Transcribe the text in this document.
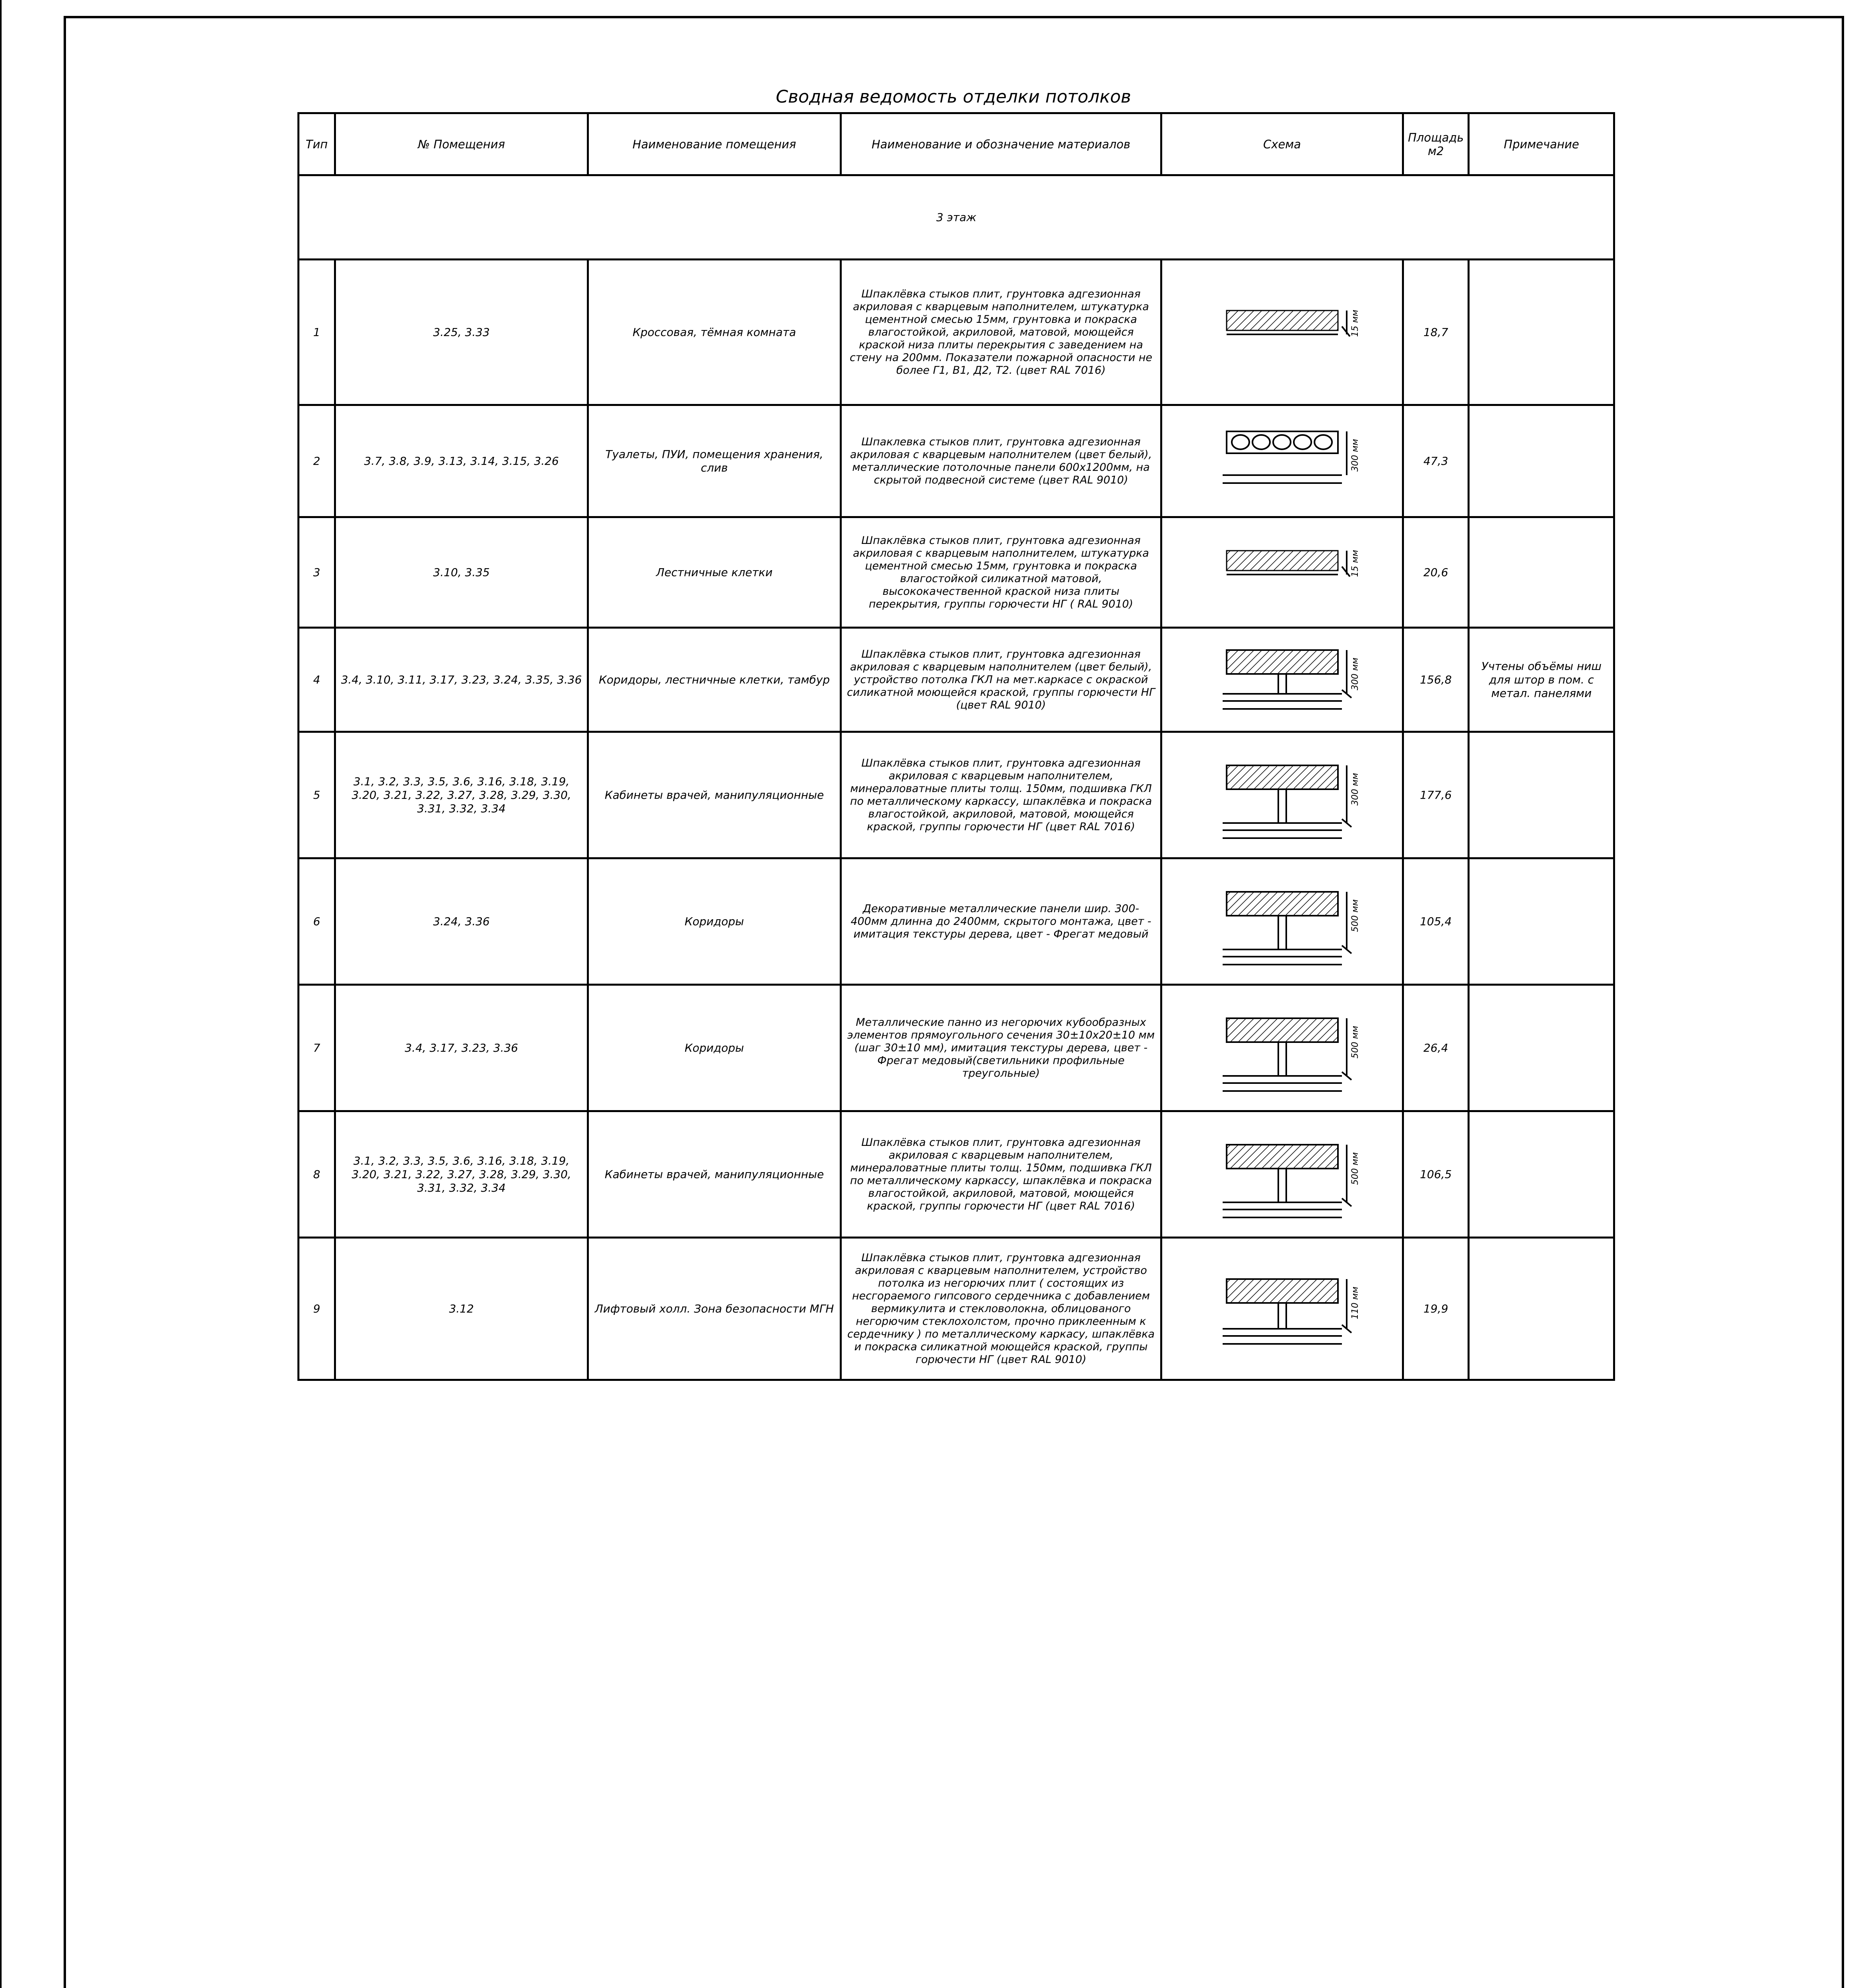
Сводная ведомость отделки потолков
Тип	№ Помещения	Наименование помещения	Наименование и обозначение материалов	Схема	Площадь м2	Примечание
3 этаж						
1	3.25, 3.33	Кроссовая, тёмная комната	Шпаклёвка стыков плит, грунтовка адгезионная акриловая с кварцевым наполнителем, штукатурка цементной смесью 15мм, грунтовка и покраска влагостойкой, акриловой, матовой, моющейся краской низа плиты перекрытия с заведением на стену на 200мм. Показатели пожарной опасности не более Г1, В1, Д2, Т2. (цвет RAL 7016)	15 мм	18,7	
2	3.7, 3.8, 3.9, 3.13, 3.14, 3.15, 3.26	Туалеты, ПУИ, помещения хранения, слив	Шпаклевка стыков плит, грунтовка адгезионная акриловая с кварцевым наполнителем (цвет белый), металлические потолочные панели 600х1200мм, на скрытой подвесной системе (цвет RAL 9010)	300 мм	47,3	
3	3.10, 3.35	Лестничные клетки	Шпаклёвка стыков плит, грунтовка адгезионная акриловая с кварцевым наполнителем, штукатурка цементной смесью 15мм, грунтовка и покраска влагостойкой силикатной матовой, высококачественной краской низа плиты перекрытия, группы горючести НГ ( RAL 9010)	15 мм	20,6	
4	3.4, 3.10, 3.11, 3.17, 3.23, 3.24, 3.35, 3.36	Коридоры, лестничные клетки, тамбур	Шпаклёвка стыков плит, грунтовка адгезионная акриловая с кварцевым наполнителем (цвет белый), устройство потолка ГКЛ на мет.каркасе с окраской силикатной моющейся краской, группы горючести НГ (цвет RAL 9010)	300 мм	156,8	Учтены объёмы ниш для штор в пом. с метал. панелями
5	3.1, 3.2, 3.3, 3.5, 3.6, 3.16, 3.18, 3.19, 3.20, 3.21, 3.22, 3.27, 3.28, 3.29, 3.30, 3.31, 3.32, 3.34	Кабинеты врачей, манипуляционные	Шпаклёвка стыков плит, грунтовка адгезионная акриловая с кварцевым наполнителем, минераловатные плиты толщ. 150мм, подшивка ГКЛ по металлическому каркассу, шпаклёвка и покраска влагостойкой, акриловой, матовой, моющейся краской, группы горючести НГ (цвет RAL 7016)	300 мм	177,6	
6	3.24, 3.36	Коридоры	Декоративные металлические панели шир. 300-400мм длинна до 2400мм, скрытого монтажа, цвет - имитация текстуры дерева, цвет - Фрегат медовый	500 мм	105,4	
7	3.4, 3.17, 3.23, 3.36	Коридоры	Металлические панно из негорючих кубообразных элементов прямоугольного сечения 30±10х20±10 мм (шаг 30±10 мм), имитация текстуры дерева, цвет - Фрегат медовый(светильники профильные треугольные)	500 мм	26,4	
8	3.1, 3.2, 3.3, 3.5, 3.6, 3.16, 3.18, 3.19, 3.20, 3.21, 3.22, 3.27, 3.28, 3.29, 3.30, 3.31, 3.32, 3.34	Кабинеты врачей, манипуляционные	Шпаклёвка стыков плит, грунтовка адгезионная акриловая с кварцевым наполнителем, минераловатные плиты толщ. 150мм, подшивка ГКЛ по металлическому каркассу, шпаклёвка и покраска влагостойкой, акриловой, матовой, моющейся краской, группы горючести НГ (цвет RAL 7016)	500 мм	106,5	
9	3.12	Лифтовый холл. Зона безопасности МГН	Шпаклёвка стыков плит, грунтовка адгезионная акриловая с кварцевым наполнителем, устройство потолка из негорючих плит ( состоящих из несгораемого гипсового сердечника с добавлением вермикулита и стекловолокна, облицованого негорючим стеклохолстом, прочно приклеенным к сердечнику ) по металлическому каркасу, шпаклёвка и покраска силикатной моющейся краской, группы горючести НГ (цвет RAL 9010)	110 мм	19,9	
